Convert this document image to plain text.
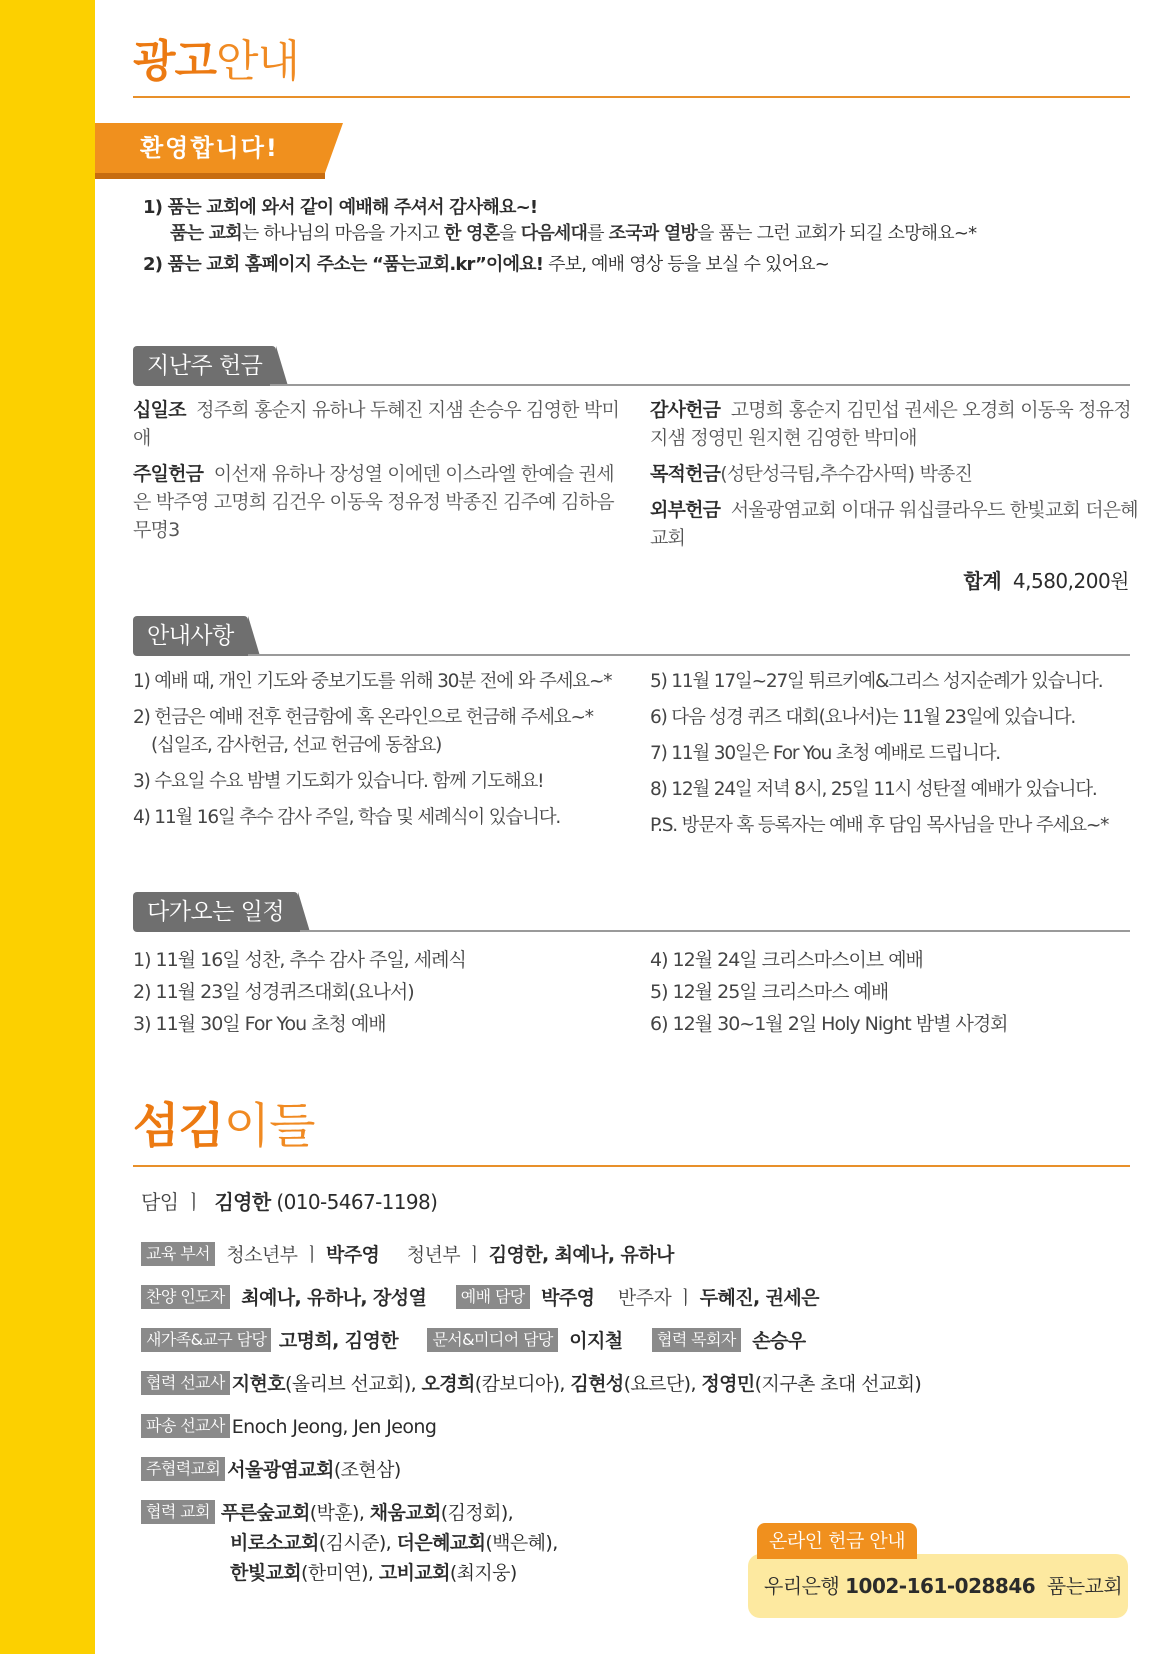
광고안내
환영합니다!
1) 품는 교회에 와서 같이 예배해 주셔서 감사해요~!
품는 교회는 하나님의 마음을 가지고 한 영혼을 다음세대를 조국과 열방을 품는 그런 교회가 되길 소망해요~*
2) 품는 교회 홈페이지 주소는 “품는교회.kr”이에요! 주보, 예배 영상 등을 보실 수 있어요~
지난주 헌금

십일조 정주희 홍순지 유하나 두혜진 지샘 손승우 김영한 박미애

주일헌금 이선재 유하나 장성열 이에덴 이스라엘 한예슬 권세은 박주영 고명희 김건우 이동욱 정유정 박종진 김주예 김하음 무명3

감사헌금 고명희 홍순지 김민섭 권세은 오경희 이동욱 정유정 지샘 정영민 원지현 김영한 박미애

목적헌금(성탄성극팀,추수감사떡) 박종진

외부헌금 서울광염교회 이대규 워십클라우드 한빛교회 더은혜교회

합계 4,580,200원
안내사항
1) 예배 때, 개인 기도와 중보기도를 위해 30분 전에 와 주세요~*
2) 헌금은 예배 전후 헌금함에 혹 온라인으로 헌금해 주세요~*
(십일조, 감사헌금, 선교 헌금에 동참요)
3) 수요일 수요 밤별 기도회가 있습니다. 함께 기도해요!
4) 11월 16일 추수 감사 주일, 학습 및 세례식이 있습니다.
5) 11월 17일~27일 튀르키예&그리스 성지순례가 있습니다.
6) 다음 성경 퀴즈 대회(요나서)는 11월 23일에 있습니다.
7) 11월 30일은 For You 초청 예배로 드립니다.
8) 12월 24일 저녁 8시, 25일 11시 성탄절 예배가 있습니다.
P.S. 방문자 혹 등록자는 예배 후 담임 목사님을 만나 주세요~*
다가오는 일정
1) 11월 16일 성찬, 추수 감사 주일, 세례식
2) 11월 23일 성경퀴즈대회(요나서)
3) 11월 30일 For You 초청 예배
4) 12월 24일 크리스마스이브 예배
5) 12월 25일 크리스마스 예배
6) 12월 30~1월 2일 Holy Night 밤별 사경회
섬김이들
담임 ㅣ 김영한 (010-5467-1198)
교육 부서 청소년부 ㅣ 박주영 청년부 ㅣ 김영한, 최예나, 유하나
찬양 인도자 최예나, 유하나, 장성열 예배 담당 박주영 반주자 ㅣ 두혜진, 권세은
새가족&교구 담당 고명희, 김영한 문서&미디어 담당 이지철 협력 목회자 손승우
협력 선교사 지현호(올리브 선교회), 오경희(캄보디아), 김현성(요르단), 정영민(지구촌 초대 선교회)
파송 선교사 Enoch Jeong, Jen Jeong
주협력교회 서울광염교회(조현삼)
협력 교회 푸른숲교회(박훈), 채움교회(김정회),
비로소교회(김시준), 더은혜교회(백은혜),
한빛교회(한미연), 고비교회(최지웅)
우리은행 1002-161-028846 품는교회
온라인 헌금 안내
